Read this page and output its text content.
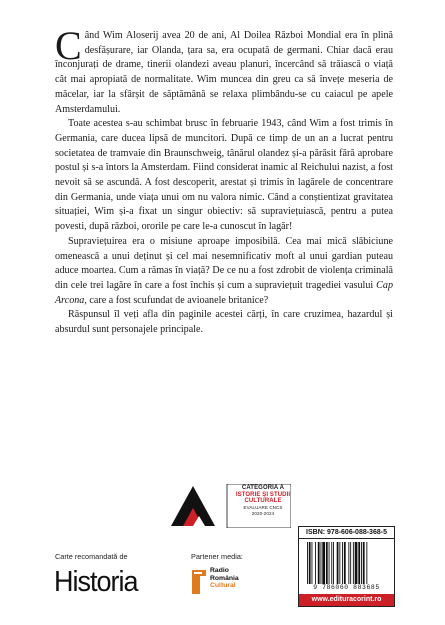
Când Wim Aloserij avea 20 de ani, Al Doilea Război Mondial era în plină desfășurare, iar Olanda, țara sa, era ocupată de germani. Chiar dacă erau înconjurați de drame, tinerii olandezi aveau planuri, încercând să trăiască o viață cât mai apropiată de normalitate. Wim muncea din greu ca să învețe meseria de măcelar, iar la sfârșit de săptămână se relaxa plimbându-se cu caiacul pe apele Amsterdamului.

Toate acestea s-au schimbat brusc în februarie 1943, când Wim a fost trimis în Germania, care ducea lipsă de muncitori. După ce timp de un an a lucrat pentru societatea de tramvaie din Braunschweig, tânărul olandez și-a părăsit fără aprobare postul și s-a întors la Amsterdam. Fiind considerat inamic al Reichului nazist, a fost nevoit să se ascundă. A fost descoperit, arestat și trimis în lagărele de concentrare din Germania, unde viața unui om nu valora nimic. Când a conștientizat gravitatea situației, Wim și-a fixat un singur obiectiv: să supraviețuiască, pentru a putea povesti, după război, ororile pe care le-a cunoscut în lagăr!

Supraviețuirea era o misiune aproape imposibilă. Cea mai mică slăbiciune omenească a unui deținut și cel mai nesemnificativ moft al unui gardian puteau aduce moartea. Cum a rămas în viață? De ce nu a fost zdrobit de violența criminală din cele trei lagăre în care a fost închis și cum a supraviețuit tragediei vasului Cap Arcona, care a fost scufundat de avioanele britanice?

Răspunsul îl veți afla din paginile acestei cărți, în care cruzimea, hazardul și absurdul sunt personajele principale.

CATEGORIA A
ISTORIE ȘI STUDII
CULTURALE
EVALUARE CNCS
2020-2024
Carte recomandată de
Historia
Partener media:
Radio
România
Cultural
ISBN: 978-606-088-368-5
9 786060 883685
www.edituracorint.ro
